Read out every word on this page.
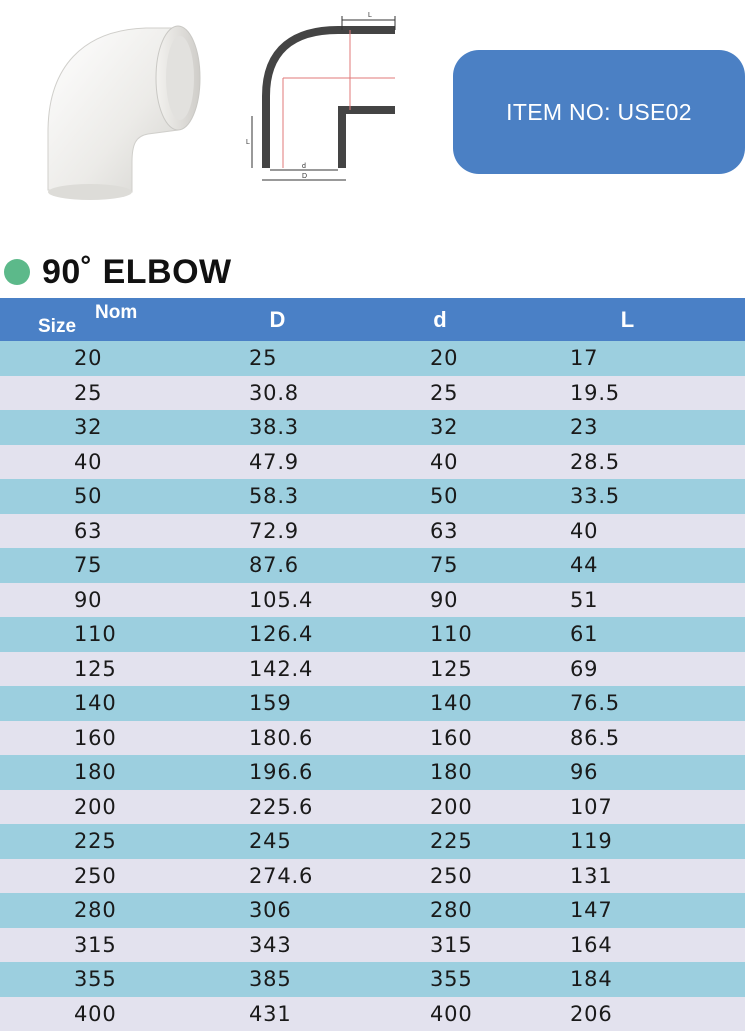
L
L
d
D
ITEM NO: USE02
90˚ ELBOW
Nom
Size	D	d	L
20	25	20	17
25	30.8	25	19.5
32	38.3	32	23
40	47.9	40	28.5
50	58.3	50	33.5
63	72.9	63	40
75	87.6	75	44
90	105.4	90	51
110	126.4	110	61
125	142.4	125	69
140	159	140	76.5
160	180.6	160	86.5
180	196.6	180	96
200	225.6	200	107
225	245	225	119
250	274.6	250	131
280	306	280	147
315	343	315	164
355	385	355	184
400	431	400	206
